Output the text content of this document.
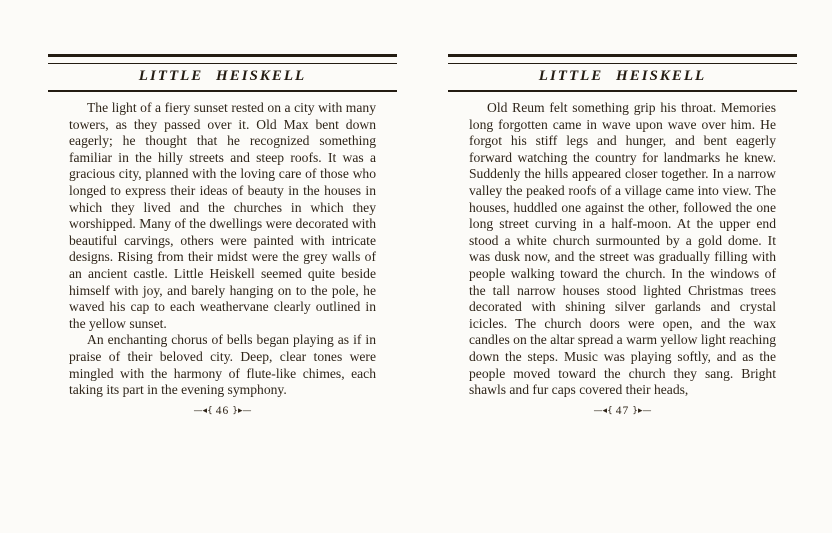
LITTLE HEISKELL

The light of a fiery sunset rested on a city with many towers, as they passed over it. Old Max bent down eagerly; he thought that he recognized something familiar in the hilly streets and steep roofs. It was a gracious city, planned with the loving care of those who longed to express their ideas of beauty in the houses in which they lived and the churches in which they worshipped. Many of the dwellings were decorated with beautiful carvings, others were painted with intricate designs. Rising from their midst were the grey walls of an ancient castle. Little Heiskell seemed quite beside himself with joy, and barely hanging on to the pole, he waved his cap to each weathervane clearly outlined in the yellow sunset.

An enchanting chorus of bells began playing as if in praise of their beloved city. Deep, clear tones were mingled with the harmony of flute-like chimes, each taking its part in the evening symphony.

—◂{ 46 }▸—
LITTLE HEISKELL

Old Reum felt something grip his throat. Memories long forgotten came in wave upon wave over him. He forgot his stiff legs and hunger, and bent eagerly forward watching the country for landmarks he knew. Suddenly the hills appeared closer together. In a narrow valley the peaked roofs of a village came into view. The houses, huddled one against the other, followed the one long street curving in a half-moon. At the upper end stood a white church surmounted by a gold dome. It was dusk now, and the street was gradually filling with people walking toward the church. In the windows of the tall narrow houses stood lighted Christmas trees decorated with shining silver garlands and crystal icicles. The church doors were open, and the wax candles on the altar spread a warm yellow light reaching down the steps. Music was playing softly, and as the people moved toward the church they sang. Bright shawls and fur caps covered their heads,

—◂{ 47 }▸—
